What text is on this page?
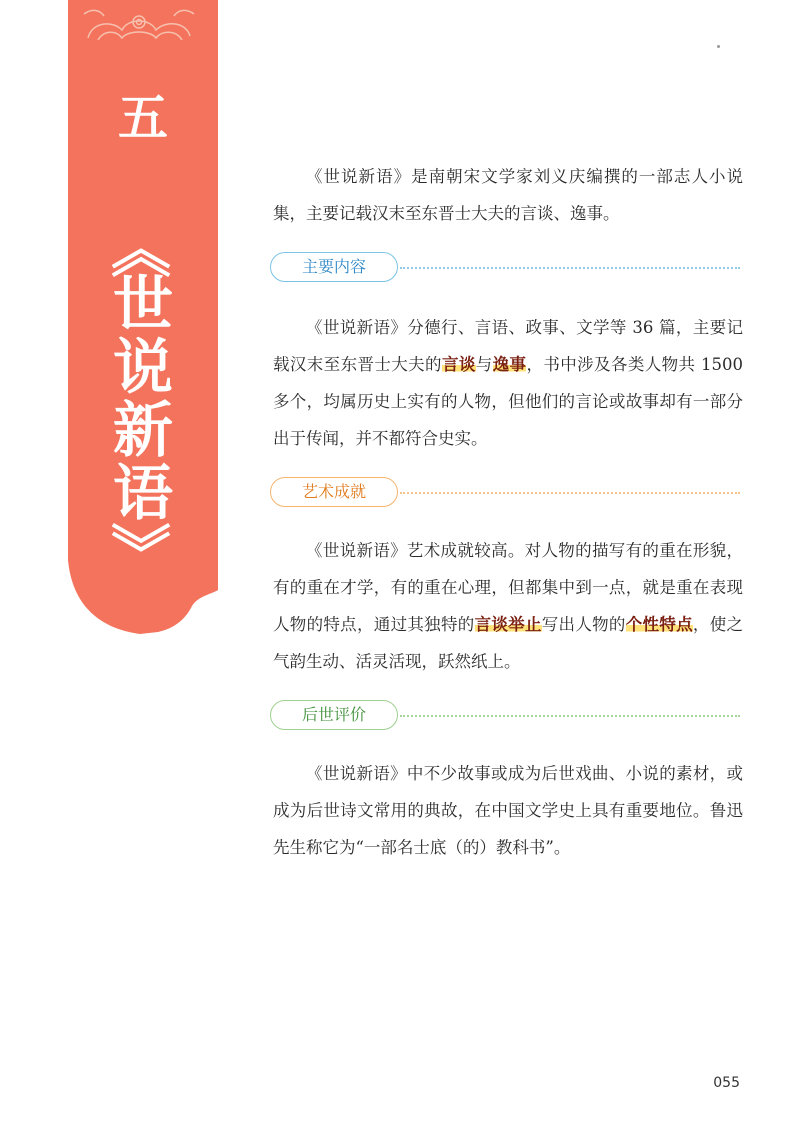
五
《
世
说
新
语
》

《世说新语》是南朝宋文学家刘义庆编撰的一部志人小说集，主要记载汉末至东晋士大夫的言谈、逸事。

主要内容

《世说新语》分德行、言语、政事、文学等 36 篇，主要记载汉末至东晋士大夫的言谈与逸事，书中涉及各类人物共 1500 多个，均属历史上实有的人物，但他们的言论或故事却有一部分出于传闻，并不都符合史实。

艺术成就

《世说新语》艺术成就较高。对人物的描写有的重在形貌，有的重在才学，有的重在心理，但都集中到一点，就是重在表现人物的特点，通过其独特的言谈举止写出人物的个性特点，使之气韵生动、活灵活现，跃然纸上。

后世评价

《世说新语》中不少故事或成为后世戏曲、小说的素材，或成为后世诗文常用的典故，在中国文学史上具有重要地位。鲁迅先生称它为“一部名士底（的）教科书”。

055
